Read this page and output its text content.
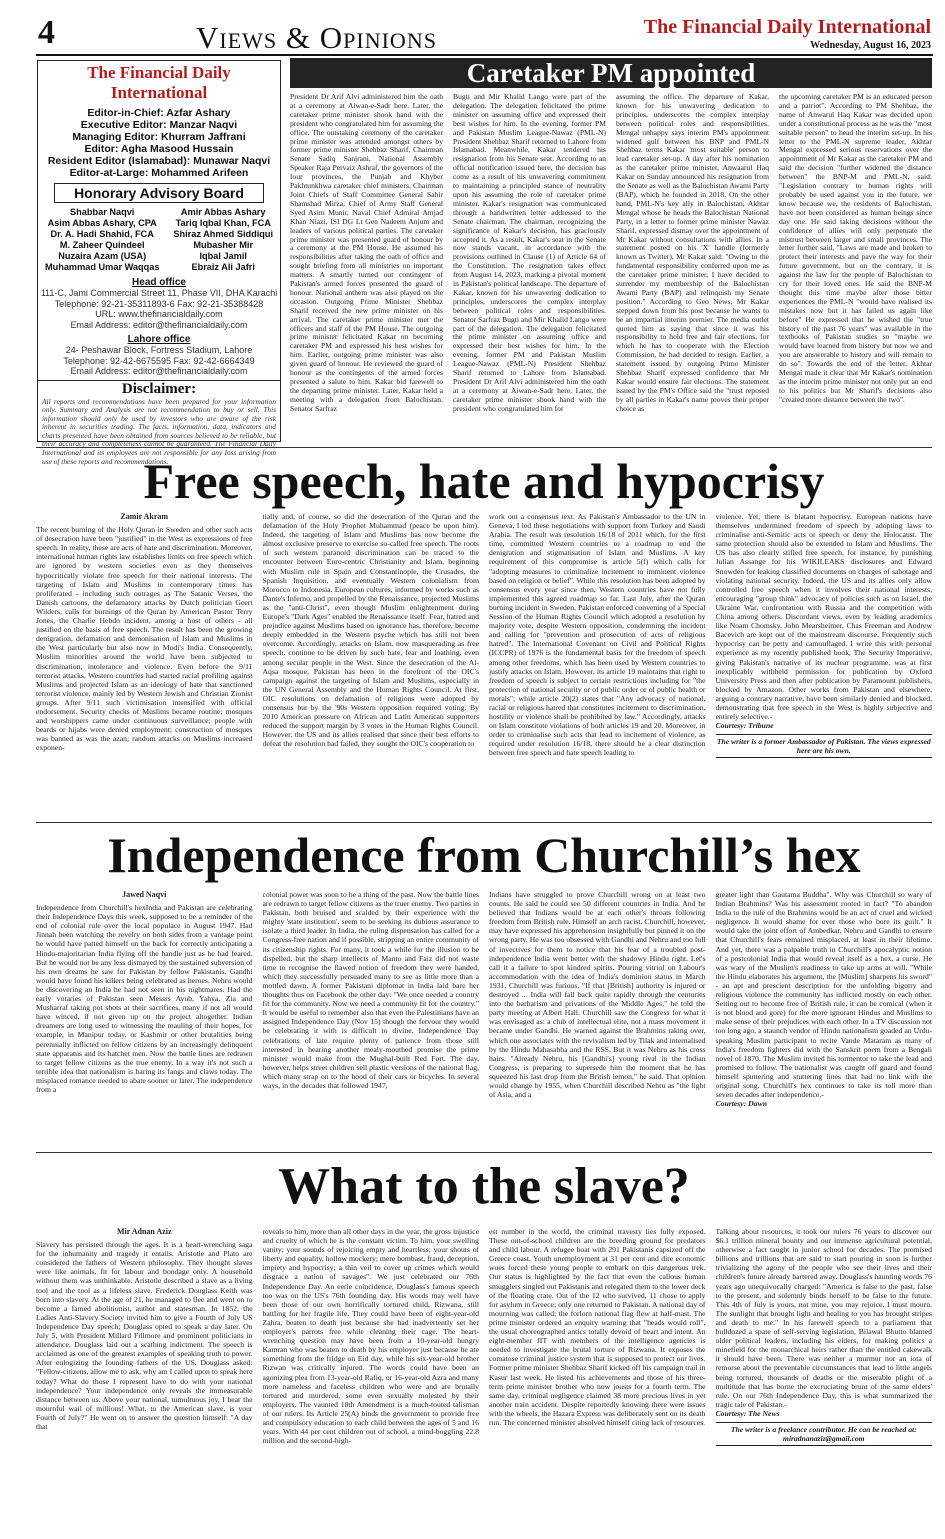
4	Views & Opinions	The Financial Daily International
Wednesday, August 16, 2023
The Financial Daily International
Editor-in-Chief: Azfar Ashary
Executive Editor: Manzar Naqvi
Managing Editor: Khurram Jaffrani
Editor: Agha Masood Hussain
Resident Editor (Islamabad): Munawar Naqvi
Editor-at-Large: Mohammed Arifeen
Honorary Advisory Board
Shabbar Naqvi
Asim Abbas Ashary, CPA
Dr. A. Hadi Shahid, FCA
M. Zaheer Quindeel
Nuzaira Azam (USA)
Muhammad Umar Waqqas
Amir Abbas Ashary
Tariq Iqbal Khan, FCA
Shiraz Ahmed Siddiqui
Mubasher Mir
Iqbal Jamil
Ebraiz Ali Jafri
Head office
111-C, Jami Commercial Street 11, Phase VII, DHA Karachi
Telephone: 92-21-35311893-6 Fax: 92-21-35388428
URL: www.thefinancialdaily.com
Email Address: editor@thefinancialdaily.com
Lahore office
24- Peshawar Block, Fortress Stadium, Lahore
Telephone: 92-42-6675595 Fax: 92-42-6664349
Email Address: editor@thefinancialdaily.com
Disclaimer:
All reports and recommendations have been prepared for your information only. Summary and Analysis are not recommendation to buy or sell. This information should only be used by investors who are aware of the risk inherent in securities trading. The facts, information, data, indicators and charts presented have been obtained from sources believed to be reliable, but their accuracy and completeness cannot be guaranteed. The Financial Daily International and its employees are not responsible for any loss arising from use of these reports and recommendations.
Caretaker PM appointed
President Dr Arif Alvi administered him the oath at a ceremony at Aiwan-e-Sadr here. Later, the caretaker prime minister shook hand with the president who congratulated him for assuming the office. The outstaking ceremony of the caretaker prime minister was attended amongst others by former prime minister Shehbaz Sharif, Chairman Senate Sadiq Sanjrani, National Assembly Speaker Raja Pervaiz Ashraf, the governors of the four provinces, the Punjab and Khyber Pakhtunkhwa caretaker chief ministers, Chairman Joint Chiefs of Staff Committee General Sahir Shamshad Mirza, Chief of Army Staff General Syed Asim Munir, Naval Chief Admiral Amjad Khan Niazi, ISI DG Lt Gen Nadeem Anjum and leaders of various political parties. The caretaker prime minister was presented guard of honour by a ceremony at the PM House. He assumed his responsibilities after taking the oath of office and sought briefing from all ministries on important matters. A smartly turned out contingent of Pakistan's armed forces presented the guard of honour. National anthem was also played on the occasion. Outgoing Prime Minister Shehbaz Sharif received the new prime minister on his arrival. The caretaker prime minister met the officers and staff of the PM House. The outgoing prime minister felicitated Kakar on becoming caretaker PM and expressed his best wishes for him. Earlier, outgoing prime minister was also given guard of honour. He reviewed the guard of honour as the contingents of the armed forces presented a salute to him. Kakar bid farewell to the departing prime minister. Later, Kakar held a meeting with a delegation from Balochistan. Senator Sarfraz
Bugti and Mir Khalid Lango were part of the delegation. The delegation felicitated the prime minister on assuming office and expressed their best wishes for him. In the evening, former PM and Pakistan Muslim League-Nawaz (PML-N) President Shehbaz Sharif returned to Lahore from Islamabad. Meanwhile, Kakar tendered his resignation from his Senate seat. According to an official notification issued here, the decision has come as a result of his unwavering commitment to maintaining a principled stance of neutrality upon his assuming the role of caretaker prime minister. Kakar's resignation was communicated through a handwritten letter addressed to the Senate chairman. The chairman, recognizing the significance of Kakar's decision, has graciously accepted it. As a result, Kakar's seat in the Senate now stands vacant, in accordance with the provisions outlined in Clause (1) of Article 64 of the Constitution. The resignation takes effect from August 14, 2023, marking a pivotal moment in Pakistan's political landscape. The departure of Kakar, known for his unwavering dedication to principles, underscores the complex interplay between political roles and responsibilities. Senator Sarfraz Bugti and Mir Khalid Lango were part of the delegation. The delegation felicitated the prime minister on assuming office and expressed their best wishes for him. In the evening, former PM and Pakistan Muslim League-Nawaz (PML-N) President Shehbaz Sharif returned to Lahore from Islamabad. President Dr Arif Alvi administered him the oath at a ceremony at Aiwan-e-Sadr here. Later, the caretaker prime minister shook hand with the president who congratulated him for
assuming the office. The departure of Kakar, known for his unwavering dedication to principles, underscores the complex interplay between political roles and responsibilities. Mengal unhappy says interim PM's appointment widened gulf between his BNP and PML-N Shehbaz terms Kakar 'most suitable' person to lead caretaker set-up. A day after his nomination as the caretaker prime minister, Anwaarul Haq Kakar on Sunday announced his resignation from the Senate as well as the Balochistan Awami Party (BAP), which he founded in 2018. On the other hand, PML-N's key ally in Balochistan, Akhtar Mengal whose he heads the Balochistan National Party, in a letter to former prime minister Nawaz Sharif, expressed dismay over the appointment of Mr Kakar without consultations with allies. In a statement posted on his 'X' handle (formerly known as Twitter), Mr Kakar said: "Owing to the fundamental responsibility conferred upon me as the caretaker prime minister, I have decided to surrender my membership of the Balochistan Awami Party (BAP) and relinquish my Senate position." According to Geo News, Mr Kakar stepped down from his post because he wants to be an impartial interim premier. The media outlet quoted him as saying that since it was his responsibility to hold free and fair elections, for which he has to cooperate with the Election Commission, he had decided to resign. Earlier, a statement issued by outgoing Prime Minister Shehbaz Sharif expressed confidence that Mr Kakar would ensure fair elections. The statement issued by the PM's Office said the "trust reposed by all parties in Kakar's name proves their proper choice as
the upcoming caretaker PM is an educated person and a patriot". According to PM Shehbaz, the name of Anwarul Haq Kakar was decided upon under a constitutional process as he was the "most suitable person" to head the interim set-up. In his letter to the PML-N supreme leader, Akhtar Mengal expressed serious reservations over the appointment of Mr Kakar as the caretaker PM and said the decision "further widened the distance between" the BNP-M and PML-N, said: "Legislation contrary to human rights will probably be used against you in the future, we know because we, the residents of Balochistan, have not been considered as human beings since day one. He said taking decisions without the confidence of allies will only perpetuate the mistrust between larger and small provinces. The letter further said, "Laws are made and broken to protect their interests and pave the way for their future government, but on the contrary, it is against the law for the people of Balochistan to cry for their loved ones. He said the BNP-M thought this time maybe after those bitter experiences the PML-N "would have realised its mistakes now but it has failed us again like before" He expressed that he wished the "true history of the past 76 years" was available in the textbooks of Pakistan studies so "maybe we would have learned from history but now we and you are answerable to history and will remain to do so". Towards the end of the letter, Akhtar Mengal made it clear that Mr Kakar's nomination as the interim prime minister not only put an end to his politics but Mr Sharif's decisions also "created more distance between the two".
Free speech, hate and hypocrisy
Zamir Akram
The recent burning of the Holy Quran in Sweden and other such acts of desecration have been "justified" in the West as expressions of free speech. In reality, these are acts of hate and discrimination. Moreover, international human rights law establishes limits on free speech which are ignored by western societies even as they themselves hypocritically violate free speech for their national interests. The targeting of Islam and Muslims in contemporary times has proliferated - including such outrages as The Satanic Verses, the Danish cartoons, the defamatory attacks by Dutch politician Geert Wilders, calls for burnings of the Quran by American Pastor Terry Jones, the Charlie Hebdo incident, among a host of others - all justified on the basis of free speech. The result has been the growing denigration, defamation and demonisation of Islam and Muslims in the West particularly but also now in Modi's India. Consequently, Muslim minorities around the world have been subjected to discrimination, intolerance and violence. Even before the 9/11 terrorist attacks, Western countries had started racial profiling against Muslims and projected Islam as an ideology of hate that sanctioned terrorist violence, mainly led by Western Jewish and Christian Zionist groups. After 9/11 such victimisation intensified with official endorsement. Security checks of Muslims became routine; mosques and worshippers came under continuous surveillance; people with beards or hijabs were denied employment; construction of mosques was banned as was the azan; random attacks on Muslims increased exponen-
tially and, of course, so did the desecration of the Quran and the defamation of the Holy Prophet Muhammad (peace be upon him). Indeed, the targeting of Islam and Muslims has now become the almost exclusive preserve to exercise so-called free speech. The roots of such western paranoid discrimination can be traced to the encounter between Euro-centric Christianity and Islam, beginning with Muslim rule in Spain and Constantinople, the Crusades, the Spanish Inquisition, and eventually Western colonialism from Morocco to Indonesia. European cultures, informed by works such as Dante's Inferno, and propelled by the Renaissance, projected Muslims as the "anti-Christ", even though Muslim enlightenment during Europe's "Dark Ages" enabled the Renaissance itself. Fear, hatred and prejudice against Muslims based on ignorance has, therefore, become deeply embedded in the Western psyche which has still not been overcome. Accordingly, attacks on Islam, now masquerading as free speech, continue to be driven by such hate, fear and loathing, even among secular people in the West. Since the desecration of the Al-Aqsa mosque, Pakistan has been in the forefront of the OIC's campaign against the targeting of Islam and Muslims, especially in the UN General Assembly and the Human Rights Council. At first, OIC resolutions on defamation of religions were adopted by consensus but by the '90s Western opposition required voting. By 2010 American pressure on African and Latin American supporters reduced the support margin by 3 votes in the Human Rights Council. However, the US and its allies realised that since their best efforts to defeat the resolution had failed, they sought the OIC's cooperation to
work out a consensus text. As Pakistan's Ambassador to the UN in Geneva, I led these negotiations with support from Turkey and Saudi Arabia. The result was resolution 16/18 of 2011 which, for the first time, committed Western countries to a roadmap to end the denigration and stigmatisation of Islam and Muslims. A key requirement of this compromise is article 5(f) which calls for "adopting measures to criminalize incitement to imminent violence based on religion or belief". While this resolution has been adopted by consensus every year since then, Western countries have not fully implemented this agreed roadmap so far. Last July, after the Quran burning incident in Sweden, Pakistan enforced convening of a Special Session of the Human Rights Council which adopted a resolution by majority vote, despite Western opposition, condemning the incident and calling for "prevention and prosecution of acts of religious hatred". The International Covenant on Civil and Political Rights (ICCPR) of 1976 is the fundamental basis for the freedom of speech among other freedoms, which has been used by Western countries to justify attacks on Islam. However, its article 19 maintains that right to freedom of speech is subject to certain restrictions including for "the protection of national security or of public order or of public health or morals"; while article 20(2) states that "Any advocacy of national, racial or religious hatred that constitutes incitement to discrimination, hostility or violence shall be prohibited by law." Accordingly, attacks on Islam constitute violations of both articles 19 and 20. Moreover, in order to criminalise such acts that lead to incitement of violence, as required under resolution 16/18, there should be a clear distinction between free speech and hate speech leading to
violence. Yet, there is blatant hypocrisy. European nations have themselves undermined freedom of speech by adopting laws to criminalise anti-Semitic acts or speech or deny the Holocaust. The same protection should also be extended to Islam and Muslims. The US has also clearly stifled free speech, for instance, by punishing Julian Assange for his WIKILEAKS disclosures and Edward Snowden for leaking classified documents on charges of sabotage and violating national security. Indeed, the US and its allies only allow controlled free speech when it involves their national interests, encouraging "group think" advocacy of policies such as on Israel, the Ukraine War, confrontation with Russia and the competition with China among others. Discordant views, even by leading academics like Noam Chomsky, John Mearsheimer, Chas Freeman and Andrew Bacevich are kept out of the mainstream discourse. Frequently such hypocrisy can be petty and camouflaged. I write this with personal experience as my recently published book, The Security Imperative, giving Pakistan's narrative of its nuclear programme, was at first inexplicably withheld permission for publication by Oxford University Press and then after publication by Paramount publishers, blocked by Amazon. Other works from Pakistan and elsewhere, arguing a contrary narrative, have been similarly denied and blocked, demonstrating that free speech in the West is highly subjective and entirely selective.-
Courtesy: Tribune
The writer is a former Ambassador of Pakistan. The views expressed here are his own.
Independence from Churchill’s hex
Jawed Naqvi
Independence from Churchill's hexIndia and Pakistan are celebrating their Independence Days this week, supposed to be a reminder of the end of colonial rule over the local populace in August 1947. Had Jinnah been watching the revelry on both sides from a vantage point he would have patted himself on the back for correctly anticipating a Hindu-majoritarian India flying off the handle just as he had feared. But he would not be any less dismayed by the sustained subversion of his own dreams he saw for Pakistan by fellow Pakistanis. Gandhi would have found his killers being celebrated as heroes. Nehru would be discovering an India he had not seen in his nightmares. Had the early votaries of Pakistan seen Messrs Ayub, Yahya, Zia and Musharraf taking pot shots at their sacrifices, many if not all would have winced, if not given up on the project altogether. Indian dreamers are long used to witnessing the mauling of their hopes, for example, in Manipur today, or Kashmir or other brutalities being perennially inflicted on fellow citizens by an increasingly delinquent state apparatus and its hatchet men. Now the battle lines are redrawn to target fellow citizens as the true enemy. In a way it's not such a terrible idea that nationalism is baring its fangs and claws today. The misplaced romance needed to abate sooner or later. The independence from a
colonial power was soon to be a thing of the past. Now the battle lines are redrawn to target fellow citizens as the truer enemy. Two parties in Pakistan, both bruised and scalded by their experience with the mighty 'state institution', seem to be seeking its dubious assurance to isolate a third leader. In India, the ruling dispensation has called for a Congress-free nation and if possible, stripping an entire community of its citizenship rights. For many, it took a while for the illusion to be dispelled, but the sharp intellects of Manto and Faiz did not waste time to recognise the flawed notion of freedom they were handed, which they successfully persuaded many to see as little more than a mottled dawn. A former Pakistani diplomat in India laid bare her thoughts thus on Facebook the other day: "We once needed a country fit for the community. Now we need a community fit for the country." It would be useful to remember also that even the Palestinians have an assigned Independence Day (Nov 15) though the fervour they would be celebrating it with is difficult to divine. Independence Day celebrations of late require plenty of patience from those still interested in hearing another mealy-mouthed promise the prime minister would make from the Mughal-built Red Fort. The day, however, helps street children sell plastic versions of the national flag, which many strap on to the hood of their cars or bicycles. In several ways, in the decades that followed 1947,
Indians have struggled to prove Churchill wrong on at least two counts. He said he could see 50 different countries in India. And he believed that Indians would be at each other's throats following freedom from British rule. Himself an arch racist, Churchill, however, may have expressed his apprehension insightfully but pinned it on the wrong party. He was too obsessed with Gandhi and Nehru and too full of invectives for them to notice that his fear of a troubled post-independence India went better with the shadowy Hindu right. Let's call it a failure to spot kindred spirits. Pouring vitriol on Labour's accommodation with the idea of India's dominion status in March 1931, Churchill was furious. "If that [British] authority is injured or destroyed ... India will fall back quite rapidly through the centuries into the barbarism and privations of the Middle Ages," he told the party meeting at Albert Hall. Churchill saw the Congress for what it was envisaged as: a club of intellectual elite, not a mass movement it became under Gandhi. He warned against the Brahmins taking over, which one associates with the revivalism led by Tilak and internalised by the Hindu Mahasabha and the RSS. But it was Nehru as his cross hairs. "Already Nehru, his [Gandhi's] young rival in the Indian Congress, is preparing to supersede him the moment that he has squeezed his last drop from the British lemon," he said. That opinion would change by 1955, when Churchill described Nehru as "the light of Asia, and a
greater light than Gautama Buddha". Why was Churchill so wary of Indian Brahmins? Was his assessment rooted in fact? "To abandon India to the rule of the Brahmins would be an act of cruel and wicked negligence. It would shame for ever those who bore its guilt." It would take the joint effort of Ambedkar, Nehru and Gandhi to ensure that Churchill's fears remained misplaced, at least in their lifetime. And yet, there was a palpable truth in Churchill's apocalyptic notion of a postcolonial India that would reveal itself as a hex, a curse. He was wary of the Muslim's readiness to take up arms at will. "While the Hindu elaborates his argument, the [Muslim] sharpens his sword" - an apt and prescient description for the unfolding bigotry and religious violence the community has inflicted mostly on each other. Setting out to become free of British rule, it can be comical (when it is not blood and gore) for the more ignorant Hindus and Muslims to make sense of their prejudices with each other. In a TV discussion not too long ago, a staunch vendor of Hindu nationalism goaded an Urdu-speaking Muslim participant to recite Vande Mataram as many of India's freedom fighters did with the Sanskrit poem from a Bengali novel of 1870. The Muslim invited his tormentor to take the lead and promised to follow. The nationalist was caught off guard and found himself sputtering and stuttering lines that had no link with the original song. Churchill's hex continues to take its toll more than seven decades after independence.-
Courtesy: Dawn
What to the slave?
Mir Adnan Aziz
Slavery has persisted through the ages. It is a heart-wrenching saga for the inhumanity and tragedy it entails. Aristotle and Plato are considered the fathers of Western philosophy. They thought slaves were like animals, fit for labour and bondage only. A household without them was unthinkable. Aristotle described a slave as a living tool and the tool as a lifeless slave. Frederick Douglass Keith was born into slavery. At the age of 21, he managed to flee and went on to become a famed abolitionist, author and statesman. In 1852, the Ladies Anti-Slavery Society invited him to give a Fourth of July US Independence Day speech; Douglass opted to speak a day later. On July 5, with President Millard Fillmore and prominent politicians in attendance, Douglass laid out a scathing indictment. The speech is acclaimed as one of the greatest examples of speaking truth to power. After eulogizing the founding fathers of the US, Douglass asked: "Fellow-citizens, allow me to ask, why am I called upon to speak here today? What do those I represent have to do with your national independence? Your independence only reveals the immeasurable distance between us. Above your national, tumultuous joy, I hear the mournful wail of millions! What, to the American slave, is your Fourth of July?" He went on to answer the question himself: "A day that
reveals to him, more than all other days in the year, the gross injustice and cruelty of which he is the constant victim. To him, your swelling vanity; your sounds of rejoicing empty and heartless; your shouts of liberty and equality, hollow mockery; mere bombast, fraud, deception, impiety and hypocrisy; a thin veil to cover up crimes which would disgrace a nation of savages". We just celebrated our 76th Independence Day. An eerie coincidence, Douglass's famous speech too was on the US's 76th founding day. His words may well have been those of our own horrifically tortured child, Rizwana, still battling for her fragile life. They could have been of eight-year-old Zahra, beaten to death just because she had inadvertently set her employer's parrots free while cleaning their cage. The heart-wrenching question may have been from a 10-year-old hungry Kamran who was beaten to death by his employer just because he ate something from the fridge on Eid day, while his six-year-old brother Rizwan was critically injured. The words could have been an agonizing plea from 13-year-old Rafiq, or 16-year-old Azra and many more nameless and faceless children who were and are brutally tortured and murdered, some even sexually molested by their employers. The vaunted 18th Amendment is a much-touted talisman of our rulers. Its Article 25(A) binds the government to provide free and compulsory education to each child between the ages of 5 and 16 years. With 44 per cent children out of school, a mind-boggling 22.8 million and the second-high-
est number in the world, the criminal travesty lies fully exposed. These out-of-school children are the breeding ground for predators and child labour. A refugee boat with 291 Pakistanis capsized off the Greece coast. Youth unemployment at 31 per cent and dire economic woes forced these young people to embark on this dangerous trek. Our status is highlighted by the fact that even the callous human smugglers singled out Pakistanis and relegated them to the lower deck of the floating crate. Out of the 12 who survived, 11 chose to apply for asylum in Greece; only one returned to Pakistan. A national day of mourning was called; the forlorn national flag flew at half-mast. The prime minister ordered an enquiry warning that "heads would roll", the usual choreographed antics totally devoid of heart and intent. An eight-member JIT with members of the intelligence agencies is needed to investigate the brutal torture of Rizwana. It exposes the comatose criminal justice system that is supposed to protect our lives. Former prime minister Shehbaz Sharif kicked off his campaign trail in Kasur last week. He listed his achievements and those of his three-term prime minister brother who now jousts for a fourth term. The same day, criminal negligence claimed 38 more precious lives in yet another train accident. Despite reportedly knowing there were issues with the wheels, the Hazara Express was deliberately sent on its death run. The concerned minister absolved himself citing lack of resources.
Talking about resources, it took our rulers 76 years to discover our $6.1 trillion mineral bounty and our immense agricultural potential, otherwise a fact taught in junior school for decades. The promised billions and trillions that are said to start pouring in soon is further trivializing the agony of the people who see their lives and their children's future already bartered away. Douglass's haunting words 76 years ago unequivocally charged: "America is false to the past, false to the present, and solemnly binds herself to be false to the future. This 4th of July is yours, not mine, you may rejoice, I must mourn. The sunlight that brought light and healing to you has brought stripes and death to me." In his farewell speech to a parliament that bulldozed a spate of self-serving legislation, Bilawal Bhutto blamed older political leaders, including his elders, for making politics a minefield for the monarchical heirs rather than the entitled cakewalk it should have been. There was neither a murmur nor an iota of remorse about the preventable circumstances that lead to little angels being tortured, thousands of deaths or the miserable plight of a multitude that has borne the excruciating brunt of the same elders' rule. On our 76th Independence Day, this is what summarized the tragic tale of Pakistan.-
Courtesy: The News
The writer is a freelance contributor. He can be reached at: miradnanaziz@gmail.com
